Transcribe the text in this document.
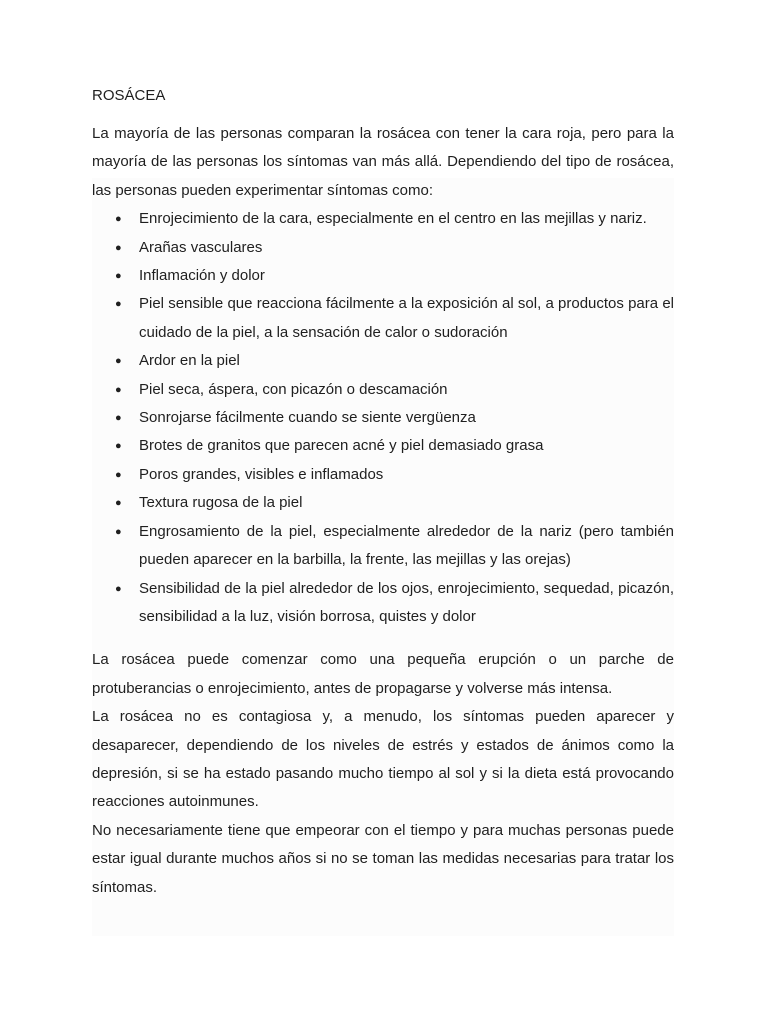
ROSÁCEA

La mayoría de las personas comparan la rosácea con tener la cara roja, pero para la mayoría de las personas los síntomas van más allá. Dependiendo del tipo de rosácea, las personas pueden experimentar síntomas como:

● Enrojecimiento de la cara, especialmente en el centro en las mejillas y nariz.
● Arañas vasculares
● Inflamación y dolor
● Piel sensible que reacciona fácilmente a la exposición al sol, a productos para el cuidado de la piel, a la sensación de calor o sudoración
● Ardor en la piel
● Piel seca, áspera, con picazón o descamación
● Sonrojarse fácilmente cuando se siente vergüenza
● Brotes de granitos que parecen acné y piel demasiado grasa
● Poros grandes, visibles e inflamados
● Textura rugosa de la piel
● Engrosamiento de la piel, especialmente alrededor de la nariz (pero también pueden aparecer en la barbilla, la frente, las mejillas y las orejas)
● Sensibilidad de la piel alrededor de los ojos, enrojecimiento, sequedad, picazón, sensibilidad a la luz, visión borrosa, quistes y dolor

La rosácea puede comenzar como una pequeña erupción o un parche de protuberancias o enrojecimiento, antes de propagarse y volverse más intensa.

La rosácea no es contagiosa y, a menudo, los síntomas pueden aparecer y desaparecer, dependiendo de los niveles de estrés y estados de ánimos como la depresión, si se ha estado pasando mucho tiempo al sol y si la dieta está provocando reacciones autoinmunes.

No necesariamente tiene que empeorar con el tiempo y para muchas personas puede estar igual durante muchos años si no se toman las medidas necesarias para tratar los síntomas.
